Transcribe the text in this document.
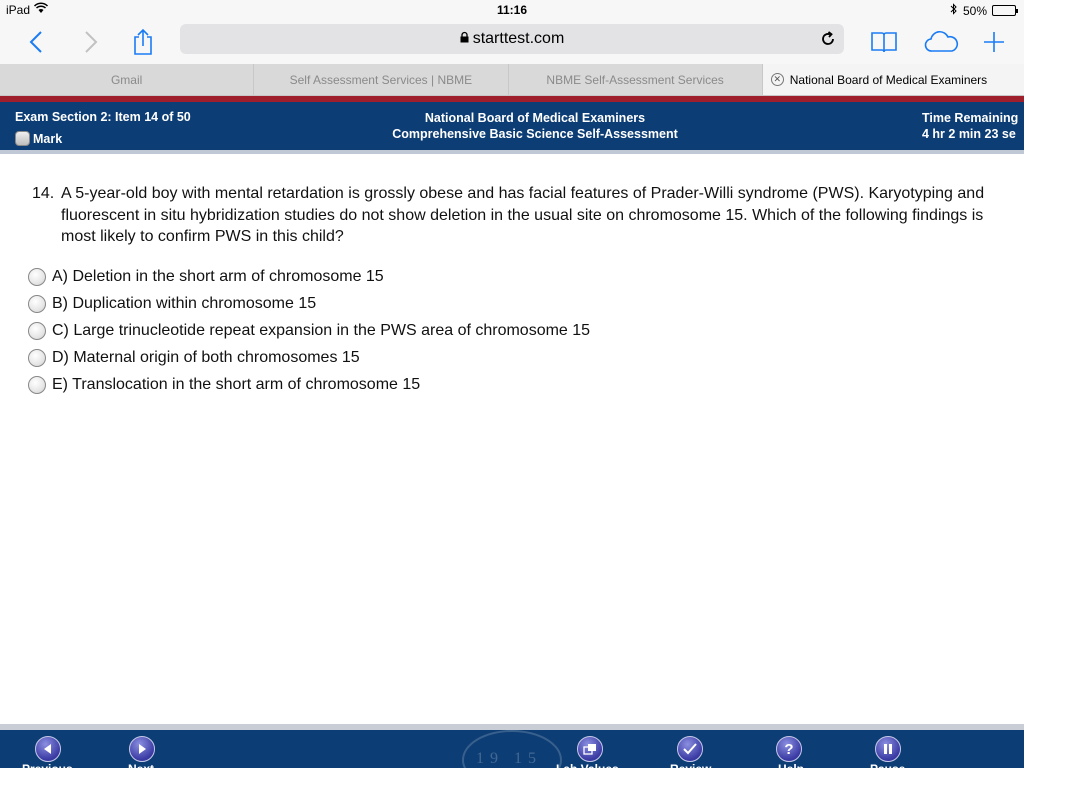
iPad	11:16	50%
starttest.com
Gmail	Self Assessment Services | NBME	NBME Self-Assessment Services	✕ National Board of Medical Examiners
Exam Section 2: Item 14 of 50
Mark
National Board of Medical Examiners
Comprehensive Basic Science Self-Assessment
Time Remaining
4 hr 2 min 23 se
14. A 5-year-old boy with mental retardation is grossly obese and has facial features of Prader-Willi syndrome (PWS). Karyotyping and fluorescent in situ hybridization studies do not show deletion in the usual site on chromosome 15. Which of the following findings is most likely to confirm PWS in this child?
A) Deletion in the short arm of chromosome 15
B) Duplication within chromosome 15
C) Large trinucleotide repeat expansion in the PWS area of chromosome 15
D) Maternal origin of both chromosomes 15
E) Translocation in the short arm of chromosome 15
19 15
Previous	Next	Lab Values	Review
?
Help	Pause
